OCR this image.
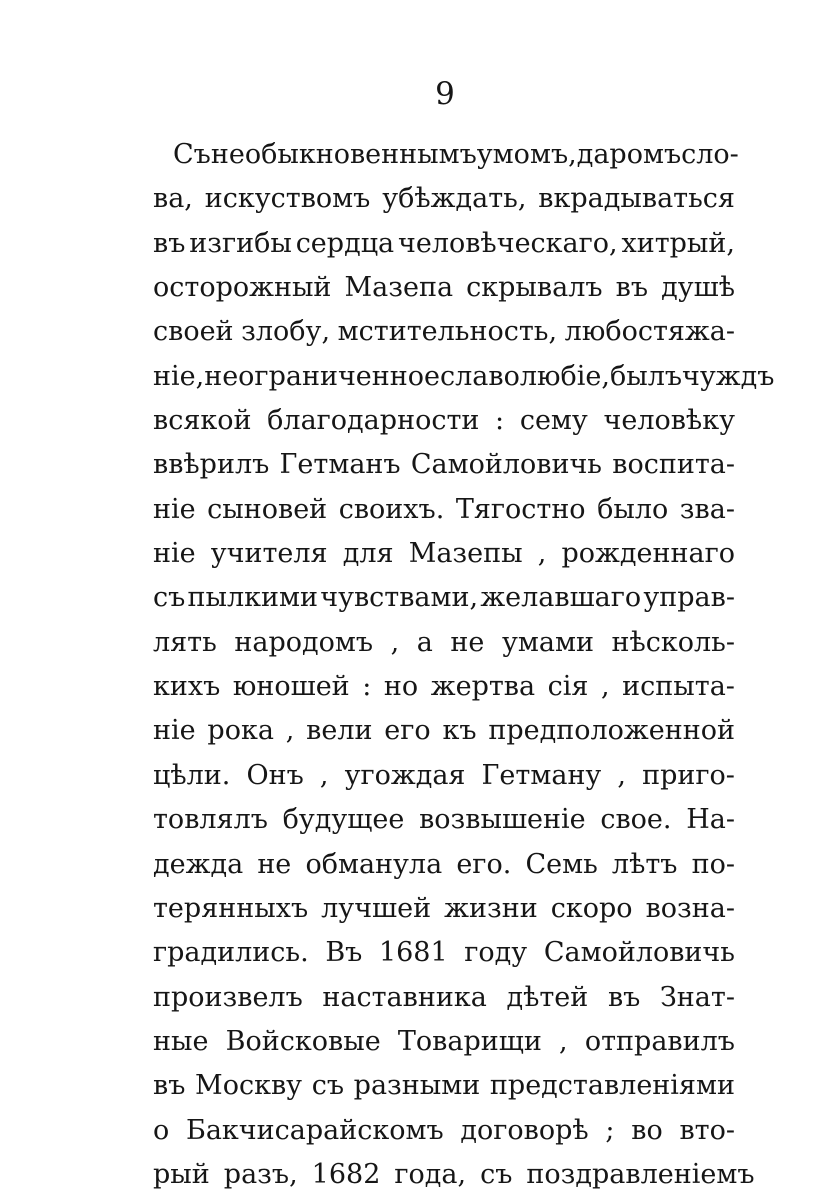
9
Съ необыкновеннымъ умомъ, даромъ сло-
ва, искуствомъ убѣждать, вкрадываться
въ изгибы сердца человѣческаго, хитрый,
осторожный Мазепа скрывалъ въ душѣ
своей злобу, мстительность, любостяжа-
ніе, неограниченное славолюбіе, былъ чуждъ
всякой благодарности : сему человѣку
ввѣрилъ Гетманъ Самойловичь воспита-
ніе сыновей своихъ. Тягостно было зва-
ніе учителя для Мазепы , рожденнаго
съ пылкими чувствами, желавшаго управ-
лять народомъ , а не умами нѣсколь-
кихъ юношей : но жертва сія , испыта-
ніе рока , вели его къ предположенной
цѣли. Онъ , угождая Гетману , приго-
товлялъ будущее возвышеніе свое. На-
дежда не обманула его. Семь лѣтъ по-
терянныхъ лучшей жизни скоро возна-
градились. Въ 1681 году Самойловичь
произвелъ наставника дѣтей въ Знат-
ные Войсковые Товарищи , отправилъ
въ Москву съ разными представленіями
о Бакчисарайскомъ договорѣ ; во вто-
рый разъ, 1682 года, съ поздравленіемъ
